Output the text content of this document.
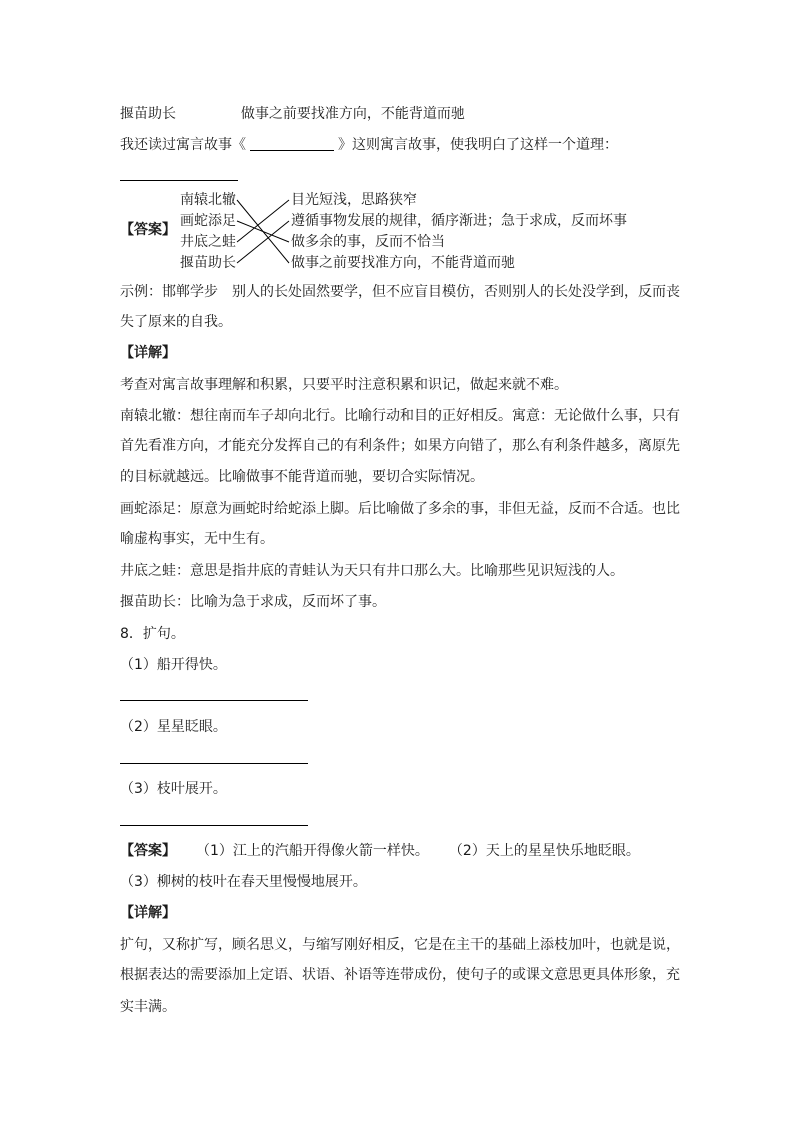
揠苗助长	做事之前要找准方向，不能背道而驰
我还读过寓言故事《	》这则寓言故事，使我明白了这样一个道理：
【答案】
南辕北辙
画蛇添足
井底之蛙
揠苗助长
目光短浅，思路狭窄
遵循事物发展的规律，循序渐进；急于求成，反而坏事
做多余的事，反而不恰当
做事之前要找准方向，不能背道而驰
示例：邯郸学步　别人的长处固然要学，但不应盲目模仿，否则别人的长处没学到，反而丧
失了原来的自我。
【详解】
考查对寓言故事理解和积累，只要平时注意积累和识记，做起来就不难。
南辕北辙：想往南而车子却向北行。比喻行动和目的正好相反。寓意：无论做什么事，只有
首先看准方向，才能充分发挥自己的有利条件；如果方向错了，那么有利条件越多，离原先
的目标就越远。比喻做事不能背道而驰，要切合实际情况。
画蛇添足：原意为画蛇时给蛇添上脚。后比喻做了多余的事，非但无益，反而不合适。也比
喻虚构事实，无中生有。
井底之蛙：意思是指井底的青蛙认为天只有井口那么大。比喻那些见识短浅的人。
揠苗助长：比喻为急于求成，反而坏了事。
8．扩句。
（1）船开得快。
（2）星星眨眼。
（3）枝叶展开。
【答案】 （1）江上的汽船开得像火箭一样快。 （2）天上的星星快乐地眨眼。
（3）柳树的枝叶在春天里慢慢地展开。
【详解】
扩句，又称扩写，顾名思义，与缩写刚好相反，它是在主干的基础上添枝加叶，也就是说，
根据表达的需要添加上定语、状语、补语等连带成份，使句子的或课文意思更具体形象，充
实丰满。
